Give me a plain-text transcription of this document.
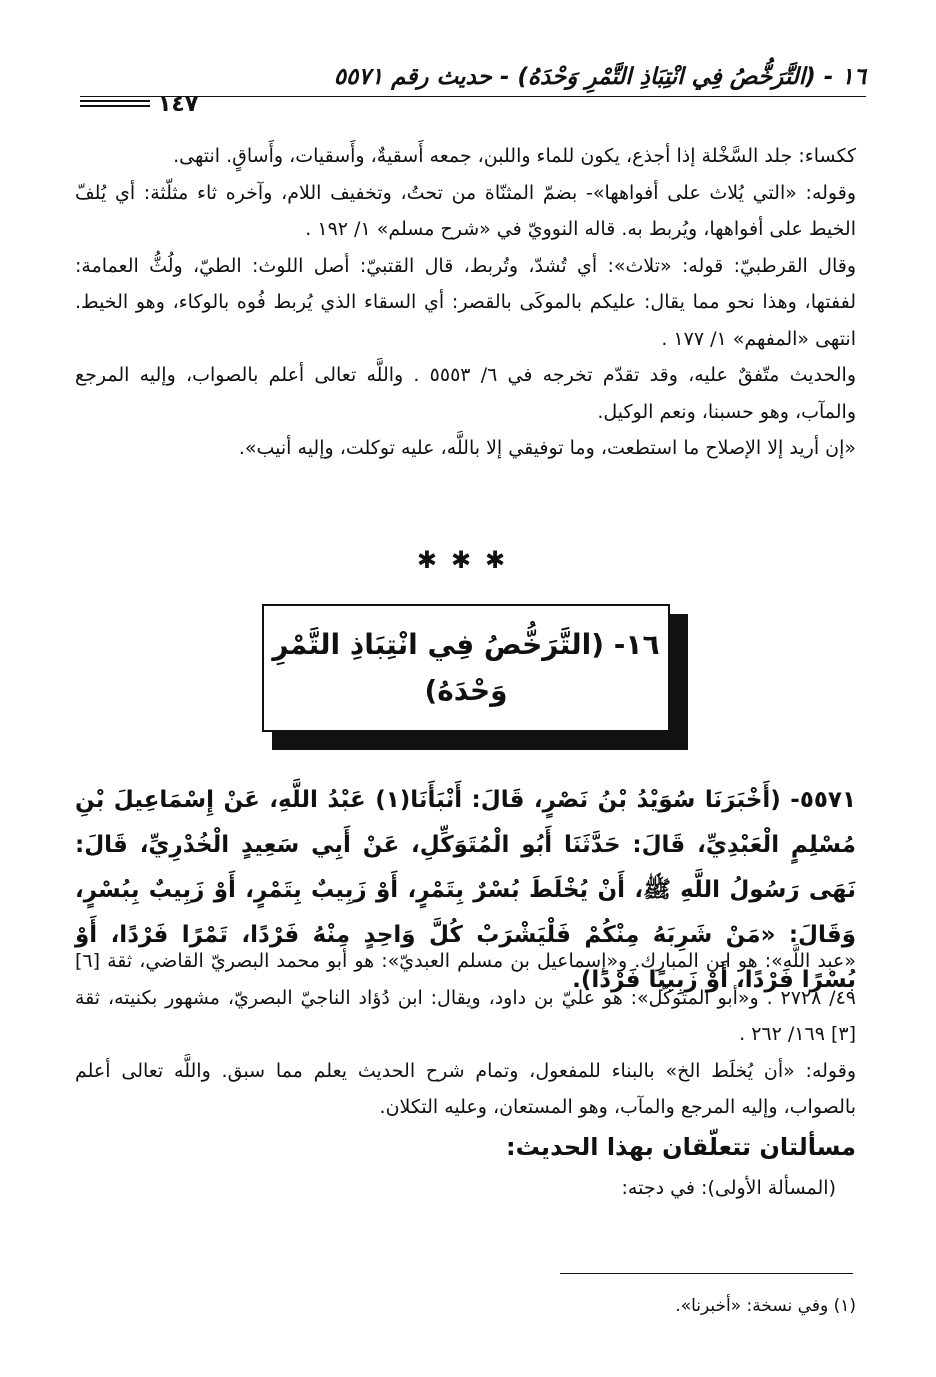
١٦ - (التَّرَخُّصُ فِي انْتِبَاذِ التَّمْرِ وَحْدَهُ) - حديث رقم ٥٥٧١
١٤٧

ككساء: جلد السَّخْلة إذا أجذع، يكون للماء واللبن، جمعه أَسقيةٌ، وأَسقيات، وأَساقٍ. انتهى.

وقوله: «التي يُلاث على أفواهها»- بضمّ المثنّاة من تحتُ، وتخفيف اللام، وآخره ثاء مثلّثة: أي يُلفّ الخيط على أفواهها، ويُربط به. قاله النوويّ في «شرح مسلم» ١/ ١٩٢ .

وقال القرطبيّ: قوله: «تلاث»: أي تُشدّ، وتُربط، قال القتبيّ: أصل اللوث: الطيّ، ولُثُّ العمامة: لففتها، وهذا نحو مما يقال: عليكم بالموكَى بالقصر: أي السقاء الذي يُربط فُوه بالوكاء، وهو الخيط. انتهى «المفهم» ١/ ١٧٧ .

والحديث متّفقٌ عليه، وقد تقدّم تخرجه في ٦/ ٥٥٥٣ . واللَّه تعالى أعلم بالصواب، وإليه المرجع والمآب، وهو حسبنا، ونعم الوكيل.

«إن أريد إلا الإصلاح ما استطعت، وما توفيقي إلا باللَّه، عليه توكلت، وإليه أنيب».

✱✱✱
١٦- (التَّرَخُّصُ فِي انْتِبَاذِ التَّمْرِ
وَحْدَهُ)

٥٥٧١- (أَخْبَرَنَا سُوَيْدُ بْنُ نَصْرٍ، قَالَ: أَنْبَأَنَا(١) عَبْدُ اللَّهِ، عَنْ إِسْمَاعِيلَ بْنِ مُسْلِمٍ الْعَبْدِيِّ، قَالَ: حَدَّثَنَا أَبُو الْمُتَوَكِّلِ، عَنْ أَبِي سَعِيدٍ الْخُدْرِيِّ، قَالَ: نَهَى رَسُولُ اللَّهِ ﷺ، أَنْ يُخْلَطَ بُسْرٌ بِتَمْرٍ، أَوْ زَبِيبٌ بِتَمْرٍ، أَوْ زَبِيبٌ بِبُسْرٍ، وَقَالَ: «مَنْ شَرِبَهُ مِنْكُمْ فَلْيَشْرَبْ كُلَّ وَاحِدٍ مِنْهُ فَرْدًا، تَمْرًا فَرْدًا، أَوْ بُسْرًا فَرْدًا، أَوْ زَبِيبًا فَرْدًا).

«عبد اللَّه»: هو ابن المبارك. و«إسماعيل بن مسلم العبديّ»: هو أبو محمد البصريّ القاضي، ثقة [٦] ٤٩/ ٢٧٢٨ . و«أبو المتوكّل»: هو عليّ بن داود، ويقال: ابن دُؤاد الناجيّ البصريّ، مشهور بكنيته، ثقة [٣] ١٦٩/ ٢٦٢ .

وقوله: «أن يُخلَط الخ» بالبناء للمفعول، وتمام شرح الحديث يعلم مما سبق. واللَّه تعالى أعلم بالصواب، وإليه المرجع والمآب، وهو المستعان، وعليه التكلان.

مسألتان تتعلّقان بهذا الحديث:

(المسألة الأولى): في دجته:

(١) وفي نسخة: «أخبرنا».
